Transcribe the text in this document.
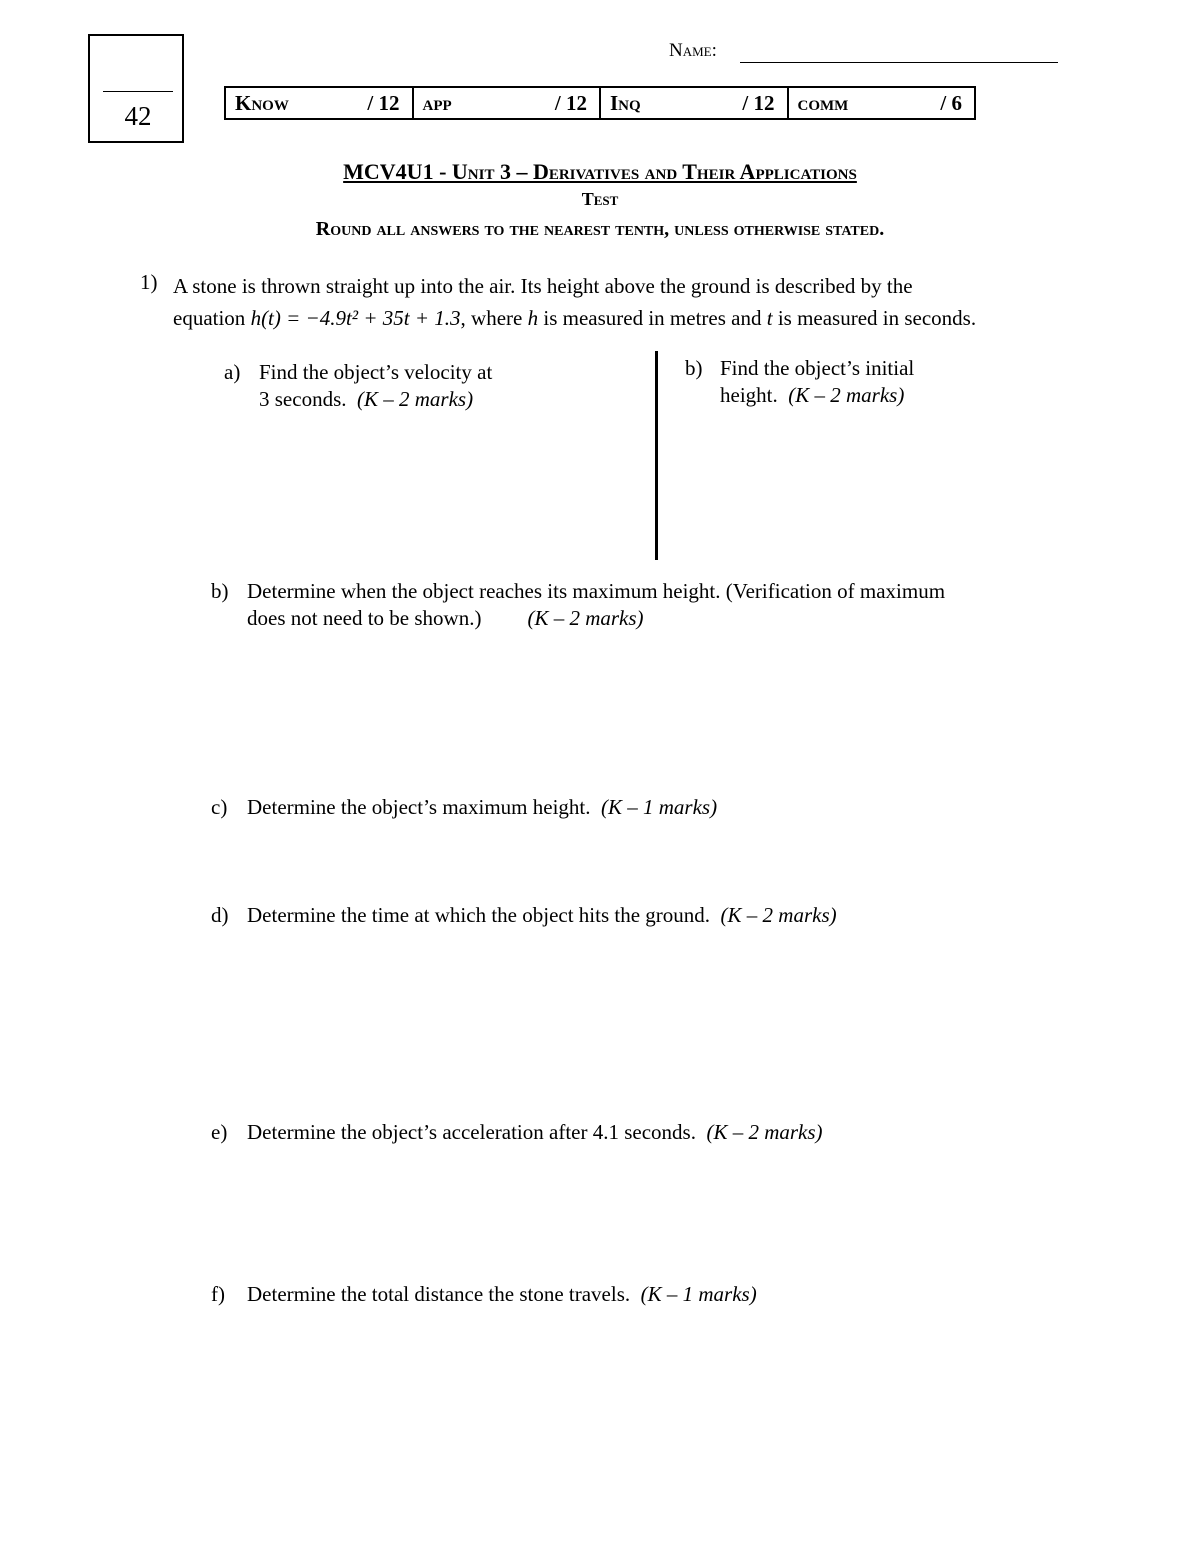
42
Name:
Know	/ 12 app	/ 12 Inq	/ 12 comm	/ 6
MCV4U1 - Unit 3 – Derivatives and Their Applications
Test
Round all answers to the nearest tenth, unless otherwise stated.
1) A stone is thrown straight up into the air. Its height above the ground is described by the
equation h(t) = −4.9t² + 35t + 1.3, where h is measured in metres and t is measured in seconds.
a) Find the object’s velocity at
3 seconds. (K – 2 marks)
b) Find the object’s initial
height. (K – 2 marks)
b) Determine when the object reaches its maximum height. (Verification of maximum
does not need to be shown.) (K – 2 marks)
c) Determine the object’s maximum height. (K – 1 marks)
d) Determine the time at which the object hits the ground. (K – 2 marks)
e) Determine the object’s acceleration after 4.1 seconds. (K – 2 marks)
f) Determine the total distance the stone travels. (K – 1 marks)
